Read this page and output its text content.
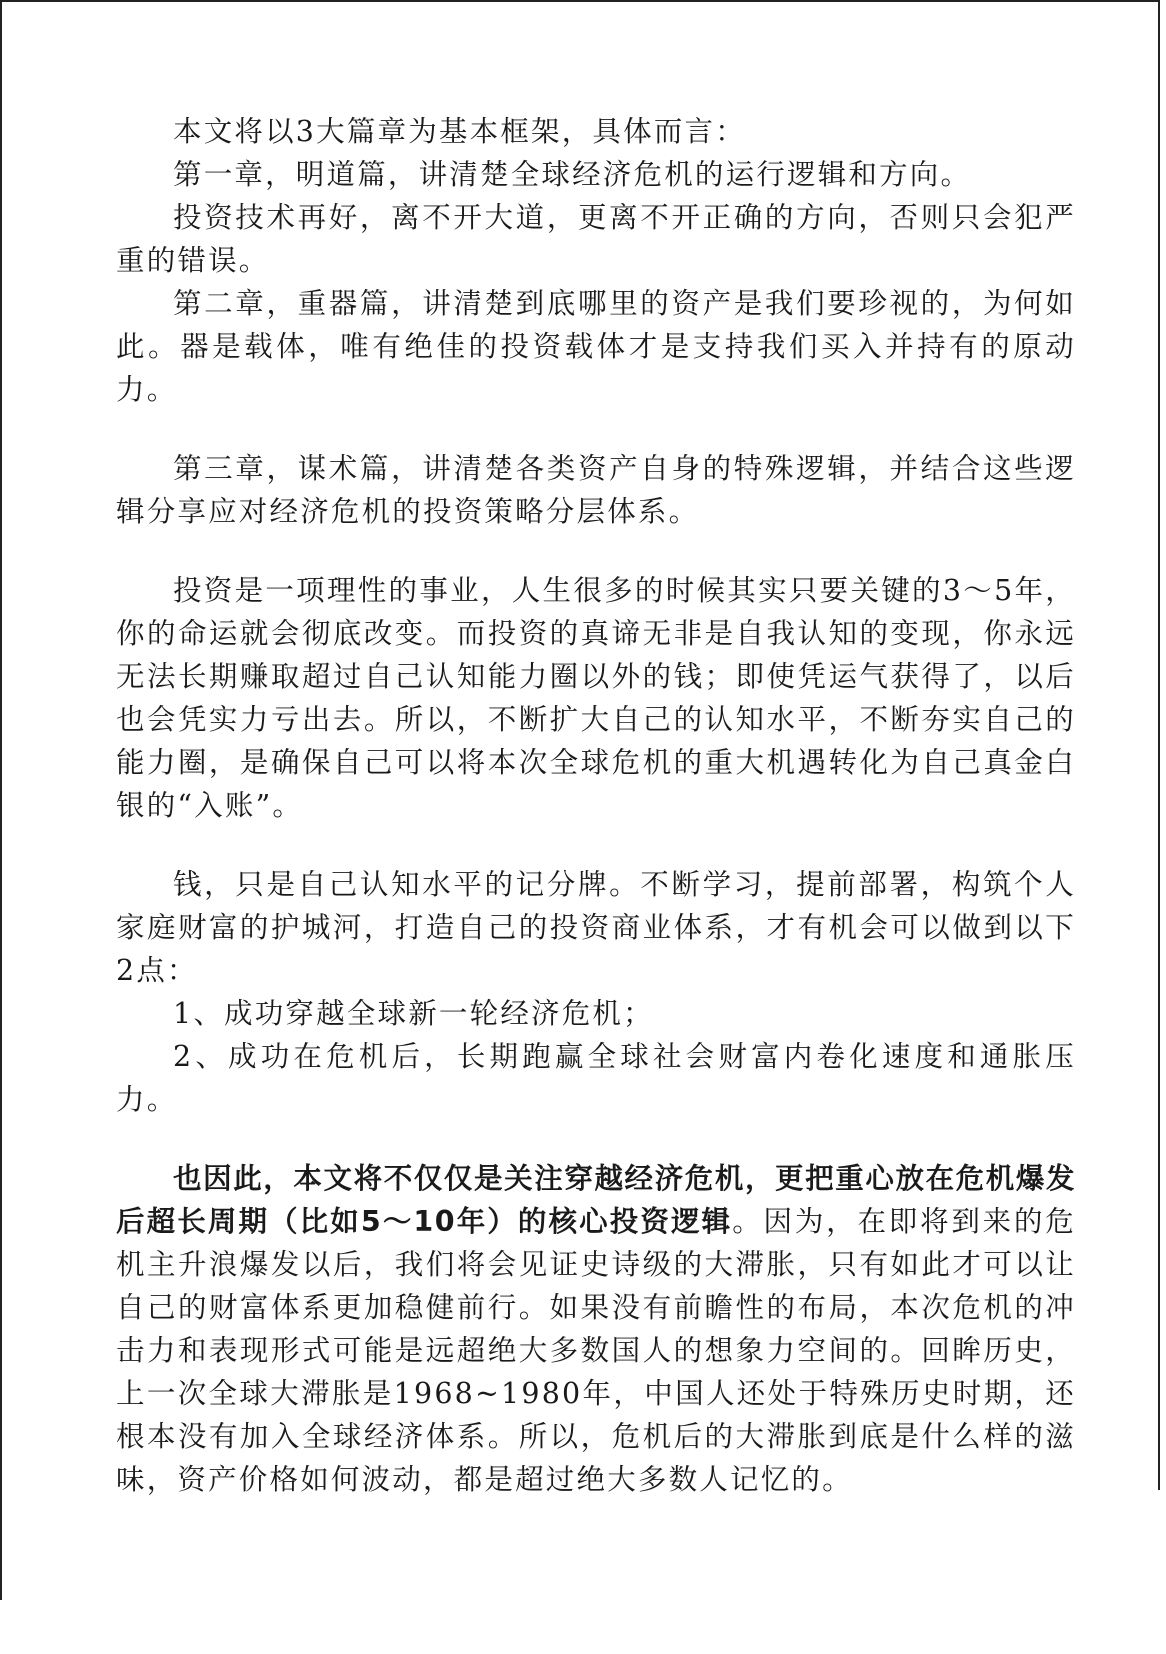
本文将以3大篇章为基本框架，具体而言：

第一章，明道篇，讲清楚全球经济危机的运行逻辑和方向。

投资技术再好，离不开大道，更离不开正确的方向，否则只会犯严重的错误。

第二章，重器篇，讲清楚到底哪里的资产是我们要珍视的，为何如此。器是载体，唯有绝佳的投资载体才是支持我们买入并持有的原动力。

第三章，谋术篇，讲清楚各类资产自身的特殊逻辑，并结合这些逻辑分享应对经济危机的投资策略分层体系。

投资是一项理性的事业，人生很多的时候其实只要关键的3～5年，你的命运就会彻底改变。而投资的真谛无非是自我认知的变现，你永远无法长期赚取超过自己认知能力圈以外的钱；即使凭运气获得了，以后也会凭实力亏出去。所以，不断扩大自己的认知水平，不断夯实自己的能力圈，是确保自己可以将本次全球危机的重大机遇转化为自己真金白银的“入账”。

钱，只是自己认知水平的记分牌。不断学习，提前部署，构筑个人家庭财富的护城河，打造自己的投资商业体系，才有机会可以做到以下2点：

1、成功穿越全球新一轮经济危机；

2、成功在危机后，长期跑赢全球社会财富内卷化速度和通胀压力。

也因此，本文将不仅仅是关注穿越经济危机，更把重心放在危机爆发后超长周期（比如5～10年）的核心投资逻辑。因为，在即将到来的危机主升浪爆发以后，我们将会见证史诗级的大滞胀，只有如此才可以让自己的财富体系更加稳健前行。如果没有前瞻性的布局，本次危机的冲击力和表现形式可能是远超绝大多数国人的想象力空间的。回眸历史，上一次全球大滞胀是1968~1980年，中国人还处于特殊历史时期，还根本没有加入全球经济体系。所以，危机后的大滞胀到底是什么样的滋味，资产价格如何波动，都是超过绝大多数人记忆的。
